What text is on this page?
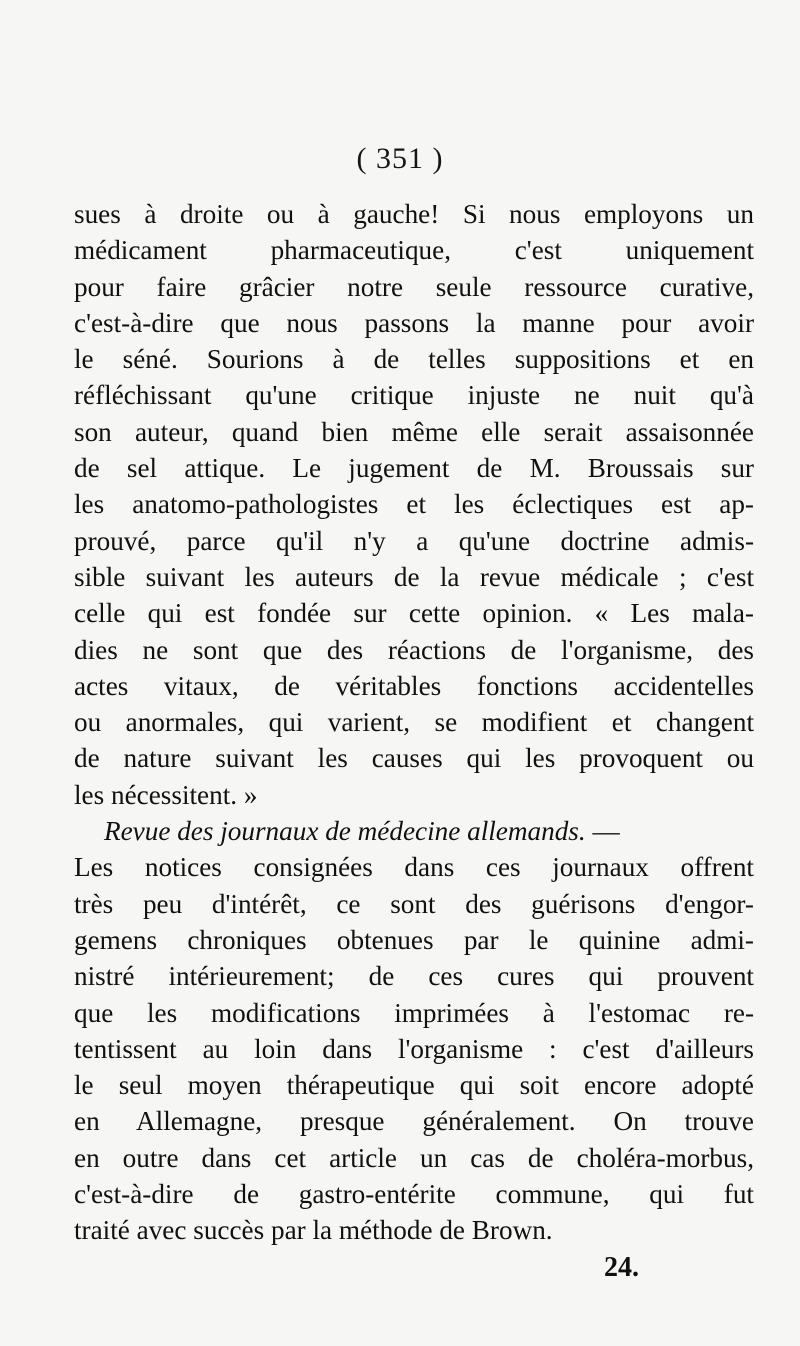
( 351 )
sues à droite ou à gauche! Si nous employons un
médicament pharmaceutique, c'est uniquement
pour faire grâcier notre seule ressource curative,
c'est-à-dire que nous passons la manne pour avoir
le séné. Sourions à de telles suppositions et en
réfléchissant qu'une critique injuste ne nuit qu'à
son auteur, quand bien même elle serait assaisonnée
de sel attique. Le jugement de M. Broussais sur
les anatomo-pathologistes et les éclectiques est ap-
prouvé, parce qu'il n'y a qu'une doctrine admis-
sible suivant les auteurs de la revue médicale ; c'est
celle qui est fondée sur cette opinion. « Les mala-
dies ne sont que des réactions de l'organisme, des
actes vitaux, de véritables fonctions accidentelles
ou anormales, qui varient, se modifient et changent
de nature suivant les causes qui les provoquent ou
les nécessitent. »
Revue des journaux de médecine allemands. —
Les notices consignées dans ces journaux offrent
très peu d'intérêt, ce sont des guérisons d'engor-
gemens chroniques obtenues par le quinine admi-
nistré intérieurement; de ces cures qui prouvent
que les modifications imprimées à l'estomac re-
tentissent au loin dans l'organisme : c'est d'ailleurs
le seul moyen thérapeutique qui soit encore adopté
en Allemagne, presque généralement. On trouve
en outre dans cet article un cas de choléra-morbus,
c'est-à-dire de gastro-entérite commune, qui fut
traité avec succès par la méthode de Brown.
24.
